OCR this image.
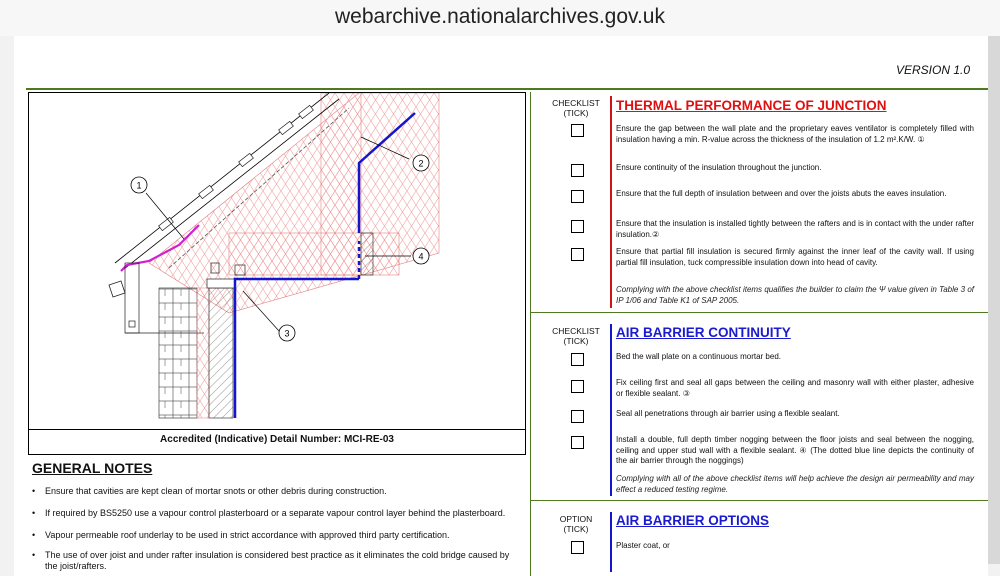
webarchive.nationalarchives.gov.uk
VERSION 1.0
1
2
3
4
Accredited (Indicative) Detail Number: MCI-RE-03
GENERAL NOTES
• Ensure that cavities are kept clean of mortar snots or other debris during construction.
• If required by BS5250 use a vapour control plasterboard or a separate vapour control layer behind the plasterboard.
• Vapour permeable roof underlay to be used in strict accordance with approved third party certification.
• The use of over joist and under rafter insulation is considered best practice as it eliminates the cold bridge caused by
the joist/rafters.
CHECKLIST
(TICK)	THERMAL PERFORMANCE OF JUNCTION
Ensure the gap between the wall plate and the proprietary eaves ventilator is completely filled with insulation having a min. R-value across the thickness of the insulation of 1.2 m².K/W. ①
Ensure continuity of the insulation throughout the junction.
Ensure that the full depth of insulation between and over the joists abuts the eaves insulation.
Ensure that the insulation is installed tightly between the rafters and is in contact with the under rafter insulation.②
Ensure that partial fill insulation is secured firmly against the inner leaf of the cavity wall. If using partial fill insulation, tuck compressible insulation down into head of cavity.
Complying with the above checklist items qualifies the builder to claim the Ψ value given in Table 3 of IP 1/06 and Table K1 of SAP 2005.
CHECKLIST
(TICK)
AIR BARRIER CONTINUITY
Bed the wall plate on a continuous mortar bed.
Fix ceiling first and seal all gaps between the ceiling and masonry wall with either plaster, adhesive or flexible sealant. ③
Seal all penetrations through air barrier using a flexible sealant.
Install a double, full depth timber nogging between the floor joists and seal between the nogging, ceiling and upper stud wall with a flexible sealant. ④ (The dotted blue line depicts the continuity of the air barrier through the noggings)
Complying with all of the above checklist items will help achieve the design air permeability and may effect a reduced testing regime.
OPTION
(TICK)
AIR BARRIER OPTIONS
Plaster coat, or
